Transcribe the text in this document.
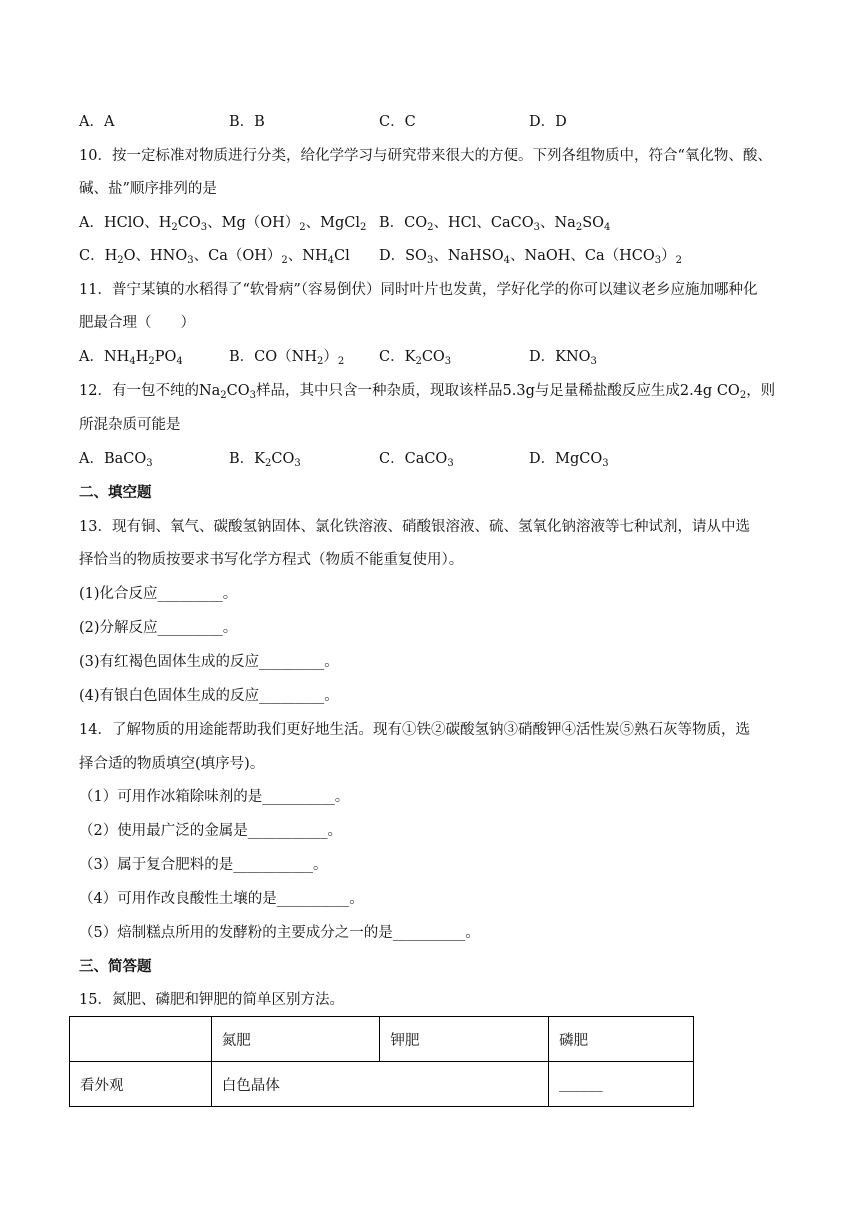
A．A	B．B	C．C	D．D
10．按一定标准对物质进行分类，给化学学习与研究带来很大的方便。下列各组物质中，符合“氧化物、酸、
碱、盐”顺序排列的是
A．HClO、$H_2CO_3$、$Mg(OH)_2$、MgCl$_2$ B．$CO_2$、HCl、CaCO$_3$、$Na_2SO_4$
C．$H_2O$、$HNO_3$、$Ca(OH)_2$、$NH_4Cl$ D．$SO_3$、NaHSO$_4$、NaOH、$Ca(HCO_3)_2$
11．普宁某镇的水稻得了“软骨病”（容易倒伏）同时叶片也发黄，学好化学的你可以建议老乡应施加哪种化
肥最合理（　　）
A．$NH_4H_2PO_4$	B．$CO(NH_2)_2$ C．$K_2CO_3$	D．$KNO_3$
12．有一包不纯的$Na_2CO_3$样品，其中只含一种杂质，现取该样品5.3g与足量稀盐酸反应生成2.4g $CO_2$，则
所混杂质可能是
A．BaCO$_3$	B．$K_2CO_3$	C．CaCO$_3$	D．MgCO$_3$
二、填空题
13．现有铜、氧气、碳酸氢钠固体、氯化铁溶液、硝酸银溶液、硫、氢氧化钠溶液等七种试剂，请从中选
择恰当的物质按要求书写化学方程式（物质不能重复使用）。
(1)化合反应_________。
(2)分解反应_________。
(3)有红褐色固体生成的反应_________。
(4)有银白色固体生成的反应_________。
14．了解物质的用途能帮助我们更好地生活。现有①铁②碳酸氢钠③硝酸钾④活性炭⑤熟石灰等物质，选
择合适的物质填空(填序号)。
（1）可用作冰箱除味剂的是__________。
（2）使用最广泛的金属是___________。
（3）属于复合肥料的是___________。
（4）可用作改良酸性土壤的是__________。
（5）焙制糕点所用的发酵粉的主要成分之一的是__________。
三、简答题
15．氮肥、磷肥和钾肥的简单区别方法。
	氮肥	钾肥	磷肥
看外观	白色晶体		______
